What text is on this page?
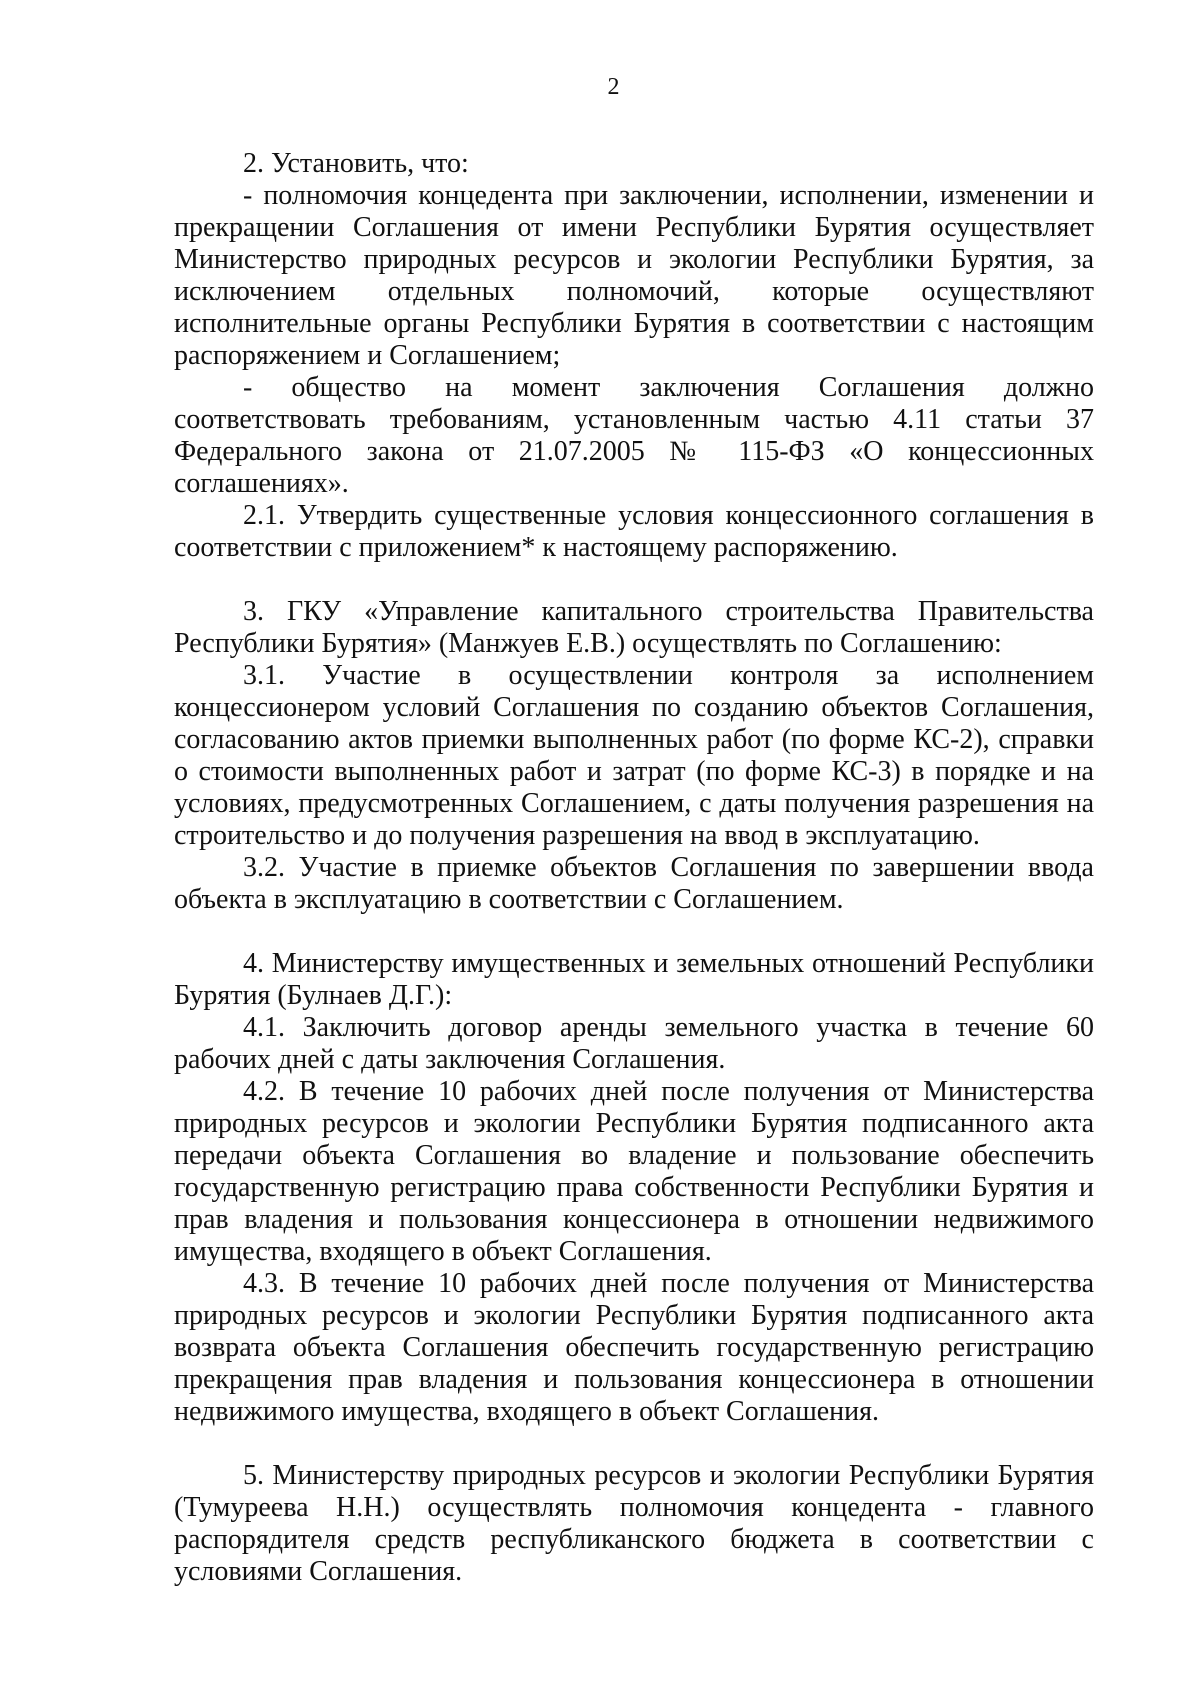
2

2. Установить, что:

- полномочия концедента при заключении, исполнении, изменении и прекращении Соглашения от имени Республики Бурятия осуществляет Министерство природных ресурсов и экологии Республики Бурятия, за исключением отдельных полномочий, которые осуществляют исполнительные органы Республики Бурятия в соответствии с настоящим распоряжением и Соглашением;

- общество на момент заключения Соглашения должно соответствовать требованиям, установленным частью 4.11 статьи 37 Федерального закона от 21.07.2005 № 115-ФЗ «О концессионных соглашениях».

2.1. Утвердить существенные условия концессионного соглашения в соответствии с приложением* к настоящему распоряжению.

3. ГКУ «Управление капитального строительства Правительства Республики Бурятия» (Манжуев Е.В.) осуществлять по Соглашению:

3.1. Участие в осуществлении контроля за исполнением концессионером условий Соглашения по созданию объектов Соглашения, согласованию актов приемки выполненных работ (по форме КС-2), справки о стоимости выполненных работ и затрат (по форме КС-3) в порядке и на условиях, предусмотренных Соглашением, с даты получения разрешения на строительство и до получения разрешения на ввод в эксплуатацию.

3.2. Участие в приемке объектов Соглашения по завершении ввода объекта в эксплуатацию в соответствии с Соглашением.

4. Министерству имущественных и земельных отношений Республики Бурятия (Булнаев Д.Г.):

4.1. Заключить договор аренды земельного участка в течение 60 рабочих дней с даты заключения Соглашения.

4.2. В течение 10 рабочих дней после получения от Министерства природных ресурсов и экологии Республики Бурятия подписанного акта передачи объекта Соглашения во владение и пользование обеспечить государственную регистрацию права собственности Республики Бурятия и прав владения и пользования концессионера в отношении недвижимого имущества, входящего в объект Соглашения.

4.3. В течение 10 рабочих дней после получения от Министерства природных ресурсов и экологии Республики Бурятия подписанного акта возврата объекта Соглашения обеспечить государственную регистрацию прекращения прав владения и пользования концессионера в отношении недвижимого имущества, входящего в объект Соглашения.

5. Министерству природных ресурсов и экологии Республики Бурятия (Тумуреева Н.Н.) осуществлять полномочия концедента - главного распорядителя средств республиканского бюджета в соответствии с условиями Соглашения.
